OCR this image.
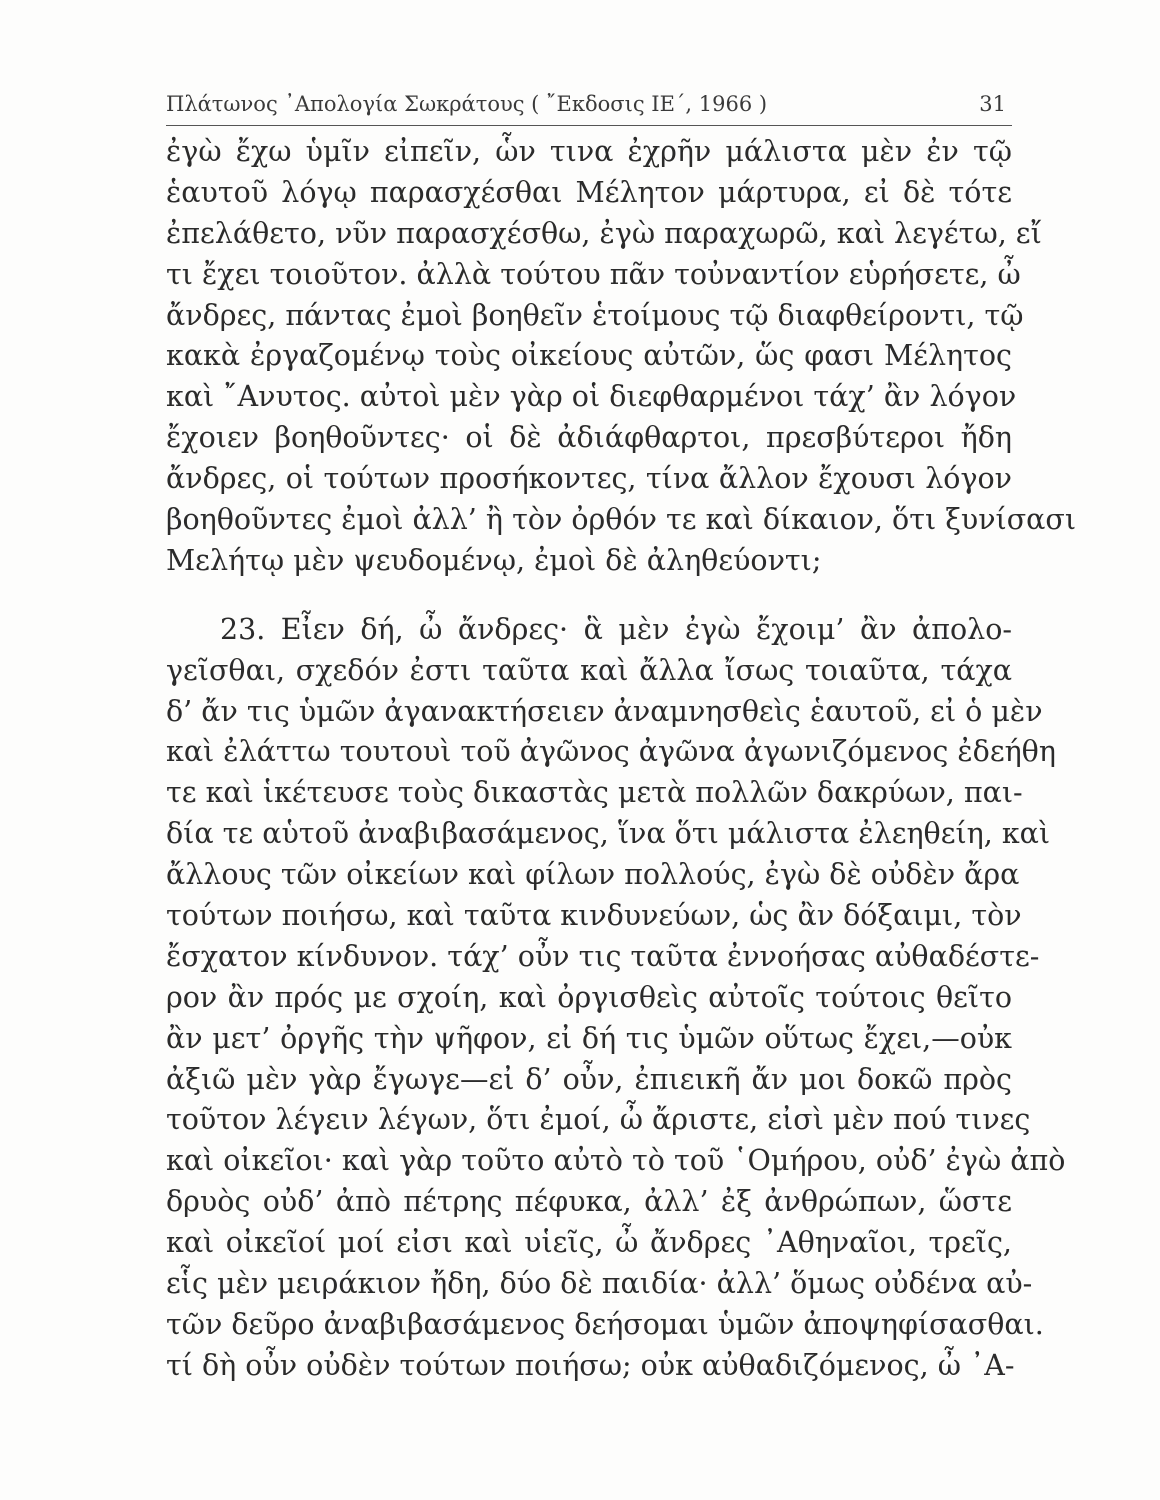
Πλάτωνος ᾿Απολογία Σωκράτους ( ῎Εκδοσις ΙΕ΄, 1966 )	31
ἐγὼ ἔχω ὑμῖν εἰπεῖν, ὧν τινα ἐχρῆν μάλιστα μὲν ἐν τῷ
ἑαυτοῦ λόγῳ παρασχέσθαι Μέλητον μάρτυρα, εἰ δὲ τότε
ἐπελάθετο, νῦν παρασχέσθω, ἐγὼ παραχωρῶ, καὶ λεγέτω, εἴ
τι ἔχει τοιοῦτον. ἀλλὰ τούτου πᾶν τοὐναντίον εὑρήσετε, ὦ
ἄνδρες, πάντας ἐμοὶ βοηθεῖν ἑτοίμους τῷ διαφθείροντι, τῷ
κακὰ ἐργαζομένῳ τοὺς οἰκείους αὐτῶν, ὥς φασι Μέλητος
καὶ ῎Ανυτος. αὐτοὶ μὲν γὰρ οἱ διεφθαρμένοι τάχ’ ἂν λόγον
ἔχοιεν βοηθοῦντες· οἱ δὲ ἀδιάφθαρτοι, πρεσβύτεροι ἤδη
ἄνδρες, οἱ τούτων προσήκοντες, τίνα ἄλλον ἔχουσι λόγον
βοηθοῦντες ἐμοὶ ἀλλ’ ἢ τὸν ὀρθόν τε καὶ δίκαιον, ὅτι ξυνίσασι
Μελήτῳ μὲν ψευδομένῳ, ἐμοὶ δὲ ἀληθεύοντι;
23. Εἶεν δή, ὦ ἄνδρες· ἃ μὲν ἐγὼ ἔχοιμ’ ἂν ἀπολο-
γεῖσθαι, σχεδόν ἐστι ταῦτα καὶ ἄλλα ἴσως τοιαῦτα, τάχα
δ’ ἄν τις ὑμῶν ἀγανακτήσειεν ἀναμνησθεὶς ἑαυτοῦ, εἰ ὁ μὲν
καὶ ἐλάττω τουτουὶ τοῦ ἀγῶνος ἀγῶνα ἀγωνιζόμενος ἐδεήθη
τε καὶ ἱκέτευσε τοὺς δικαστὰς μετὰ πολλῶν δακρύων, παι-
δία τε αὑτοῦ ἀναβιβασάμενος, ἵνα ὅτι μάλιστα ἐλεηθείη, καὶ
ἄλλους τῶν οἰκείων καὶ φίλων πολλούς, ἐγὼ δὲ οὐδὲν ἄρα
τούτων ποιήσω, καὶ ταῦτα κινδυνεύων, ὡς ἂν δόξαιμι, τὸν
ἔσχατον κίνδυνον. τάχ’ οὖν τις ταῦτα ἐννοήσας αὐθαδέστε-
ρον ἂν πρός με σχοίη, καὶ ὀργισθεὶς αὐτοῖς τούτοις θεῖτο
ἂν μετ’ ὀργῆς τὴν ψῆφον, εἰ δή τις ὑμῶν οὕτως ἔχει,—οὐκ
ἀξιῶ μὲν γὰρ ἔγωγε—εἰ δ’ οὖν, ἐπιεικῆ ἄν μοι δοκῶ πρὸς
τοῦτον λέγειν λέγων, ὅτι ἐμοί, ὦ ἄριστε, εἰσὶ μὲν πού τινες
καὶ οἰκεῖοι· καὶ γὰρ τοῦτο αὐτὸ τὸ τοῦ ῾Ομήρου, οὐδ’ ἐγὼ ἀπὸ
δρυὸς οὐδ’ ἀπὸ πέτρης πέφυκα, ἀλλ’ ἐξ ἀνθρώπων, ὥστε
καὶ οἰκεῖοί μοί εἰσι καὶ υἱεῖς, ὦ ἄνδρες ᾿Αθηναῖοι, τρεῖς,
εἷς μὲν μειράκιον ἤδη, δύο δὲ παιδία· ἀλλ’ ὅμως οὐδένα αὐ-
τῶν δεῦρο ἀναβιβασάμενος δεήσομαι ὑμῶν ἀποψηφίσασθαι.
τί δὴ οὖν οὐδὲν τούτων ποιήσω; οὐκ αὐθαδιζόμενος, ὦ ᾿Α-
